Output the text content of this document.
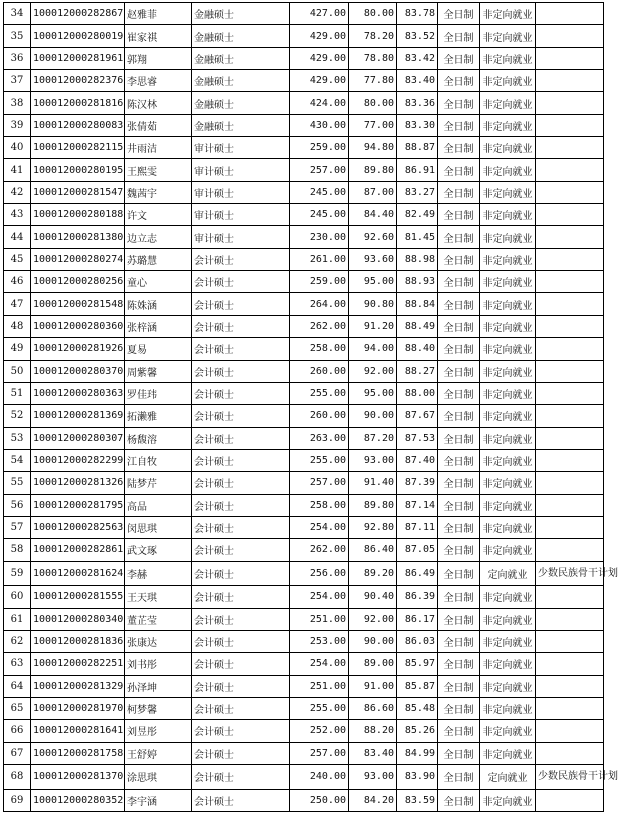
34	100012000282867	赵雅菲	金融硕士	427.00	80.00	83.78	全日制	非定向就业	
35	100012000280019	崔家祺	金融硕士	429.00	78.20	83.52	全日制	非定向就业	
36	100012000281961	郭翔	金融硕士	429.00	78.80	83.42	全日制	非定向就业	
37	100012000282376	李思睿	金融硕士	429.00	77.80	83.40	全日制	非定向就业	
38	100012000281816	陈汉林	金融硕士	424.00	80.00	83.36	全日制	非定向就业	
39	100012000280083	张倩茹	金融硕士	430.00	77.00	83.30	全日制	非定向就业	
40	100012000282115	井雨洁	审计硕士	259.00	94.80	88.87	全日制	非定向就业	
41	100012000280195	王熙雯	审计硕士	257.00	89.80	86.91	全日制	非定向就业	
42	100012000281547	魏茜宇	审计硕士	245.00	87.00	83.27	全日制	非定向就业	
43	100012000280188	许文	审计硕士	245.00	84.40	82.49	全日制	非定向就业	
44	100012000281380	边立志	审计硕士	230.00	92.60	81.45	全日制	非定向就业	
45	100012000280274	苏璐慧	会计硕士	261.00	93.60	88.98	全日制	非定向就业	
46	100012000280256	童心	会计硕士	259.00	95.00	88.93	全日制	非定向就业	
47	100012000281548	陈姝涵	会计硕士	264.00	90.80	88.84	全日制	非定向就业	
48	100012000280360	张梓涵	会计硕士	262.00	91.20	88.49	全日制	非定向就业	
49	100012000281926	夏易	会计硕士	258.00	94.00	88.40	全日制	非定向就业	
50	100012000280370	周紫馨	会计硕士	260.00	92.00	88.27	全日制	非定向就业	
51	100012000280363	罗佳玮	会计硕士	255.00	95.00	88.00	全日制	非定向就业	
52	100012000281369	拓濑雅	会计硕士	260.00	90.00	87.67	全日制	非定向就业	
53	100012000280307	杨馥溶	会计硕士	263.00	87.20	87.53	全日制	非定向就业	
54	100012000282299	江自牧	会计硕士	255.00	93.00	87.40	全日制	非定向就业	
55	100012000281326	陆梦芹	会计硕士	257.00	91.40	87.39	全日制	非定向就业	
56	100012000281795	高品	会计硕士	258.00	89.80	87.14	全日制	非定向就业	
57	100012000282563	闵思琪	会计硕士	254.00	92.80	87.11	全日制	非定向就业	
58	100012000282861	武文琢	会计硕士	262.00	86.40	87.05	全日制	非定向就业	
59	100012000281624	李赫	会计硕士	256.00	89.20	86.49	全日制	定向就业	少数民族骨干计划
60	100012000281555	王天琪	会计硕士	254.00	90.40	86.39	全日制	非定向就业	
61	100012000280340	董芷莹	会计硕士	251.00	92.00	86.17	全日制	非定向就业	
62	100012000281836	张康达	会计硕士	253.00	90.00	86.03	全日制	非定向就业	
63	100012000282251	刘书彤	会计硕士	254.00	89.00	85.97	全日制	非定向就业	
64	100012000281329	孙泽坤	会计硕士	251.00	91.00	85.87	全日制	非定向就业	
65	100012000281970	柯梦馨	会计硕士	255.00	86.60	85.48	全日制	非定向就业	
66	100012000281641	刘昱彤	会计硕士	252.00	88.20	85.26	全日制	非定向就业	
67	100012000281758	王舒婷	会计硕士	257.00	83.40	84.99	全日制	非定向就业	
68	100012000281370	涂思琪	会计硕士	240.00	93.00	83.90	全日制	定向就业	少数民族骨干计划
69	100012000280352	李宇涵	会计硕士	250.00	84.20	83.59	全日制	非定向就业	
